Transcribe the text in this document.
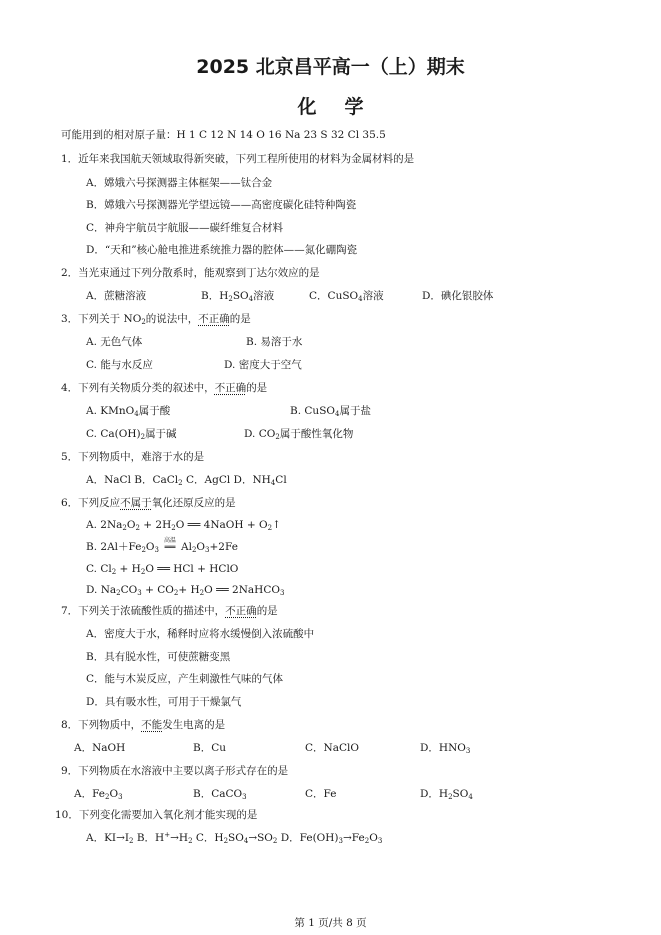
2025 北京昌平高一（上）期末
化学
可能用到的相对原子量：H 1 C 12 N 14 O 16 Na 23 S 32 Cl 35.5
1．近年来我国航天领域取得新突破，下列工程所使用的材料为金属材料的是
A．嫦娥六号探测器主体框架——钛合金
B．嫦娥六号探测器光学望远镜——高密度碳化硅特种陶瓷
C．神舟宇航员宇航服——碳纤维复合材料
D．“天和”核心舱电推进系统推力器的腔体——氮化硼陶瓷
2．当光束通过下列分散系时，能观察到丁达尔效应的是
A．蔗糖溶液	B．$H_2SO_4$溶液	C．CuSO$_4$溶液	D．碘化银胶体
3．下列关于 $NO_2$的说法中，不正确的是
A. 无色气体	B. 易溶于水
C. 能与水反应	D. 密度大于空气
4．下列有关物质分类的叙述中，不正确的是
A. KMnO$_4$属于酸	B. CuSO$_4$属于盐
C. $Ca(OH)_2$属于碱	D. $CO_2$属于酸性氧化物
5．下列物质中，难溶于水的是
A．NaCl B．CaCl$_2$ C．AgCl D．$NH_4Cl$
6．下列反应不属于氧化还原反应的是
A. $2Na_2O_2 + 2H_2O$ ══ 4NaOH + $O_2↑$
B. $2Al+Fe_2O_3$
高温
══ $Al_2O_3+2Fe$
C. $Cl_2 + H_2O$ ══ HCl + HClO
D. $Na_2CO_3 + CO_2+ H_2O$ ══ 2NaHCO$_3$
7．下列关于浓硫酸性质的描述中，不正确的是
A．密度大于水，稀释时应将水缓慢倒入浓硫酸中
B．具有脱水性，可使蔗糖变黑
C．能与木炭反应，产生刺激性气味的气体
D．具有吸水性，可用于干燥氯气
8．下列物质中，不能发生电离的是
A．NaOH	B．Cu	C．NaClO	D．$HNO_3$
9．下列物质在水溶液中主要以离子形式存在的是
A．$Fe_2O_3$	B．CaCO$_3$	C．Fe	D．$H_2SO_4$
10．下列变化需要加入氧化剂才能实现的是
A．$KI\to I_2$ B．$H^+\to H_2$ C．$H_2SO_4\to SO_2$ D．$Fe(OH)_3\to Fe_2O_3$
第 1 页/共 8 页
